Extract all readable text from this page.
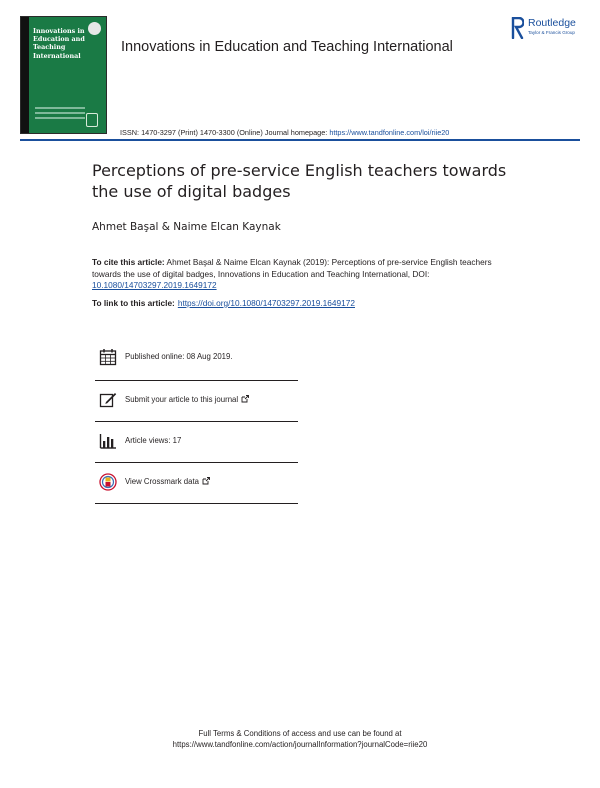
Innovations in Education and Teaching International
Innovations in Education and Teaching International
Routledge
Taylor & Francis Group
ISSN: 1470-3297 (Print) 1470-3300 (Online) Journal homepage: https://www.tandfonline.com/loi/riie20
Perceptions of pre-service English teachers towards the use of digital badges
Ahmet Başal & Naime Elcan Kaynak
To cite this article: Ahmet Başal & Naime Elcan Kaynak (2019): Perceptions of pre-service English teachers towards the use of digital badges, Innovations in Education and Teaching International, DOI: 10.1080/14703297.2019.1649172
To link to this article: https://doi.org/10.1080/14703297.2019.1649172
Published online: 08 Aug 2019.
Submit your article to this journal
Article views: 17
View Crossmark data
Full Terms & Conditions of access and use can be found at
https://www.tandfonline.com/action/journalInformation?journalCode=riie20
